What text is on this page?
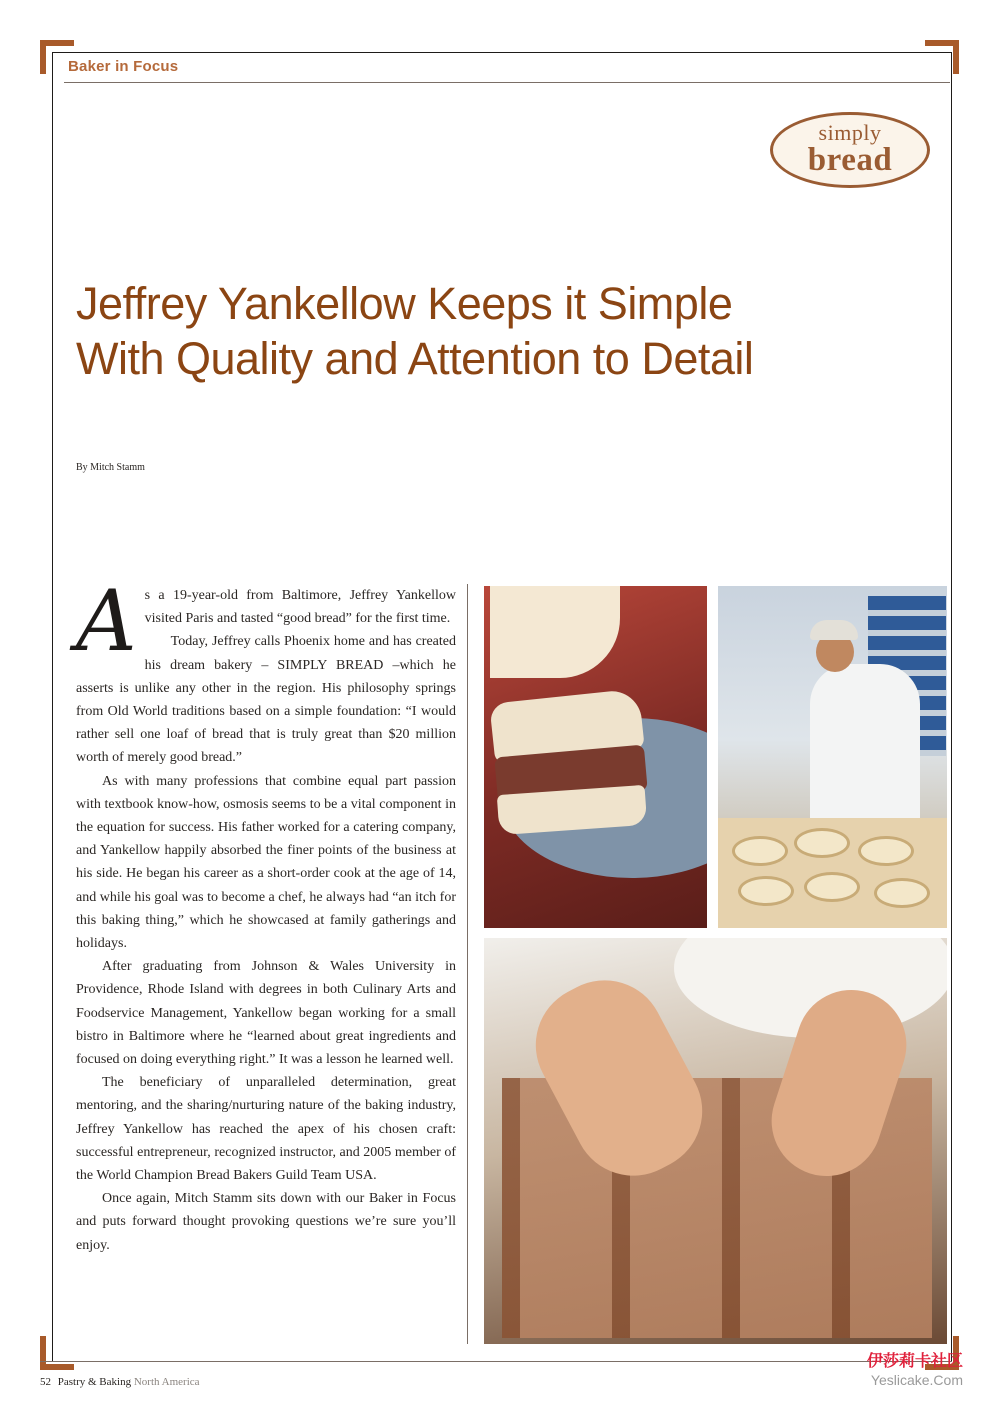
Baker in Focus
simply
bread
Jeffrey Yankellow Keeps it Simple With Quality and Attention to Detail
By Mitch Stamm

As a 19-year-old from Baltimore, Jeffrey Yankellow visited Paris and tasted “good bread” for the first time.

Today, Jeffrey calls Phoenix home and has created his dream bakery – SIMPLY BREAD –which he asserts is unlike any other in the region. His philosophy springs from Old World traditions based on a simple foundation: “I would rather sell one loaf of bread that is truly great than $20 million worth of merely good bread.”

As with many professions that combine equal part passion with textbook know-how, osmosis seems to be a vital component in the equation for success. His father worked for a catering company, and Yankellow happily absorbed the finer points of the business at his side. He began his career as a short-order cook at the age of 14, and while his goal was to become a chef, he always had “an itch for this baking thing,” which he showcased at family gatherings and holidays.

After graduating from Johnson & Wales University in Providence, Rhode Island with degrees in both Culinary Arts and Foodservice Management, Yankellow began working for a small bistro in Baltimore where he “learned about great ingredients and focused on doing everything right.” It was a lesson he learned well.

The beneficiary of unparalleled determination, great mentoring, and the sharing/nurturing nature of the baking industry, Jeffrey Yankellow has reached the apex of his chosen craft: successful entrepreneur, recognized instructor, and 2005 member of the World Champion Bread Bakers Guild Team USA.

Once again, Mitch Stamm sits down with our Baker in Focus and puts forward thought provoking questions we’re sure you’ll enjoy.

52 Pastry & Baking North America
伊莎莉卡社区
Yeslicake.Com
